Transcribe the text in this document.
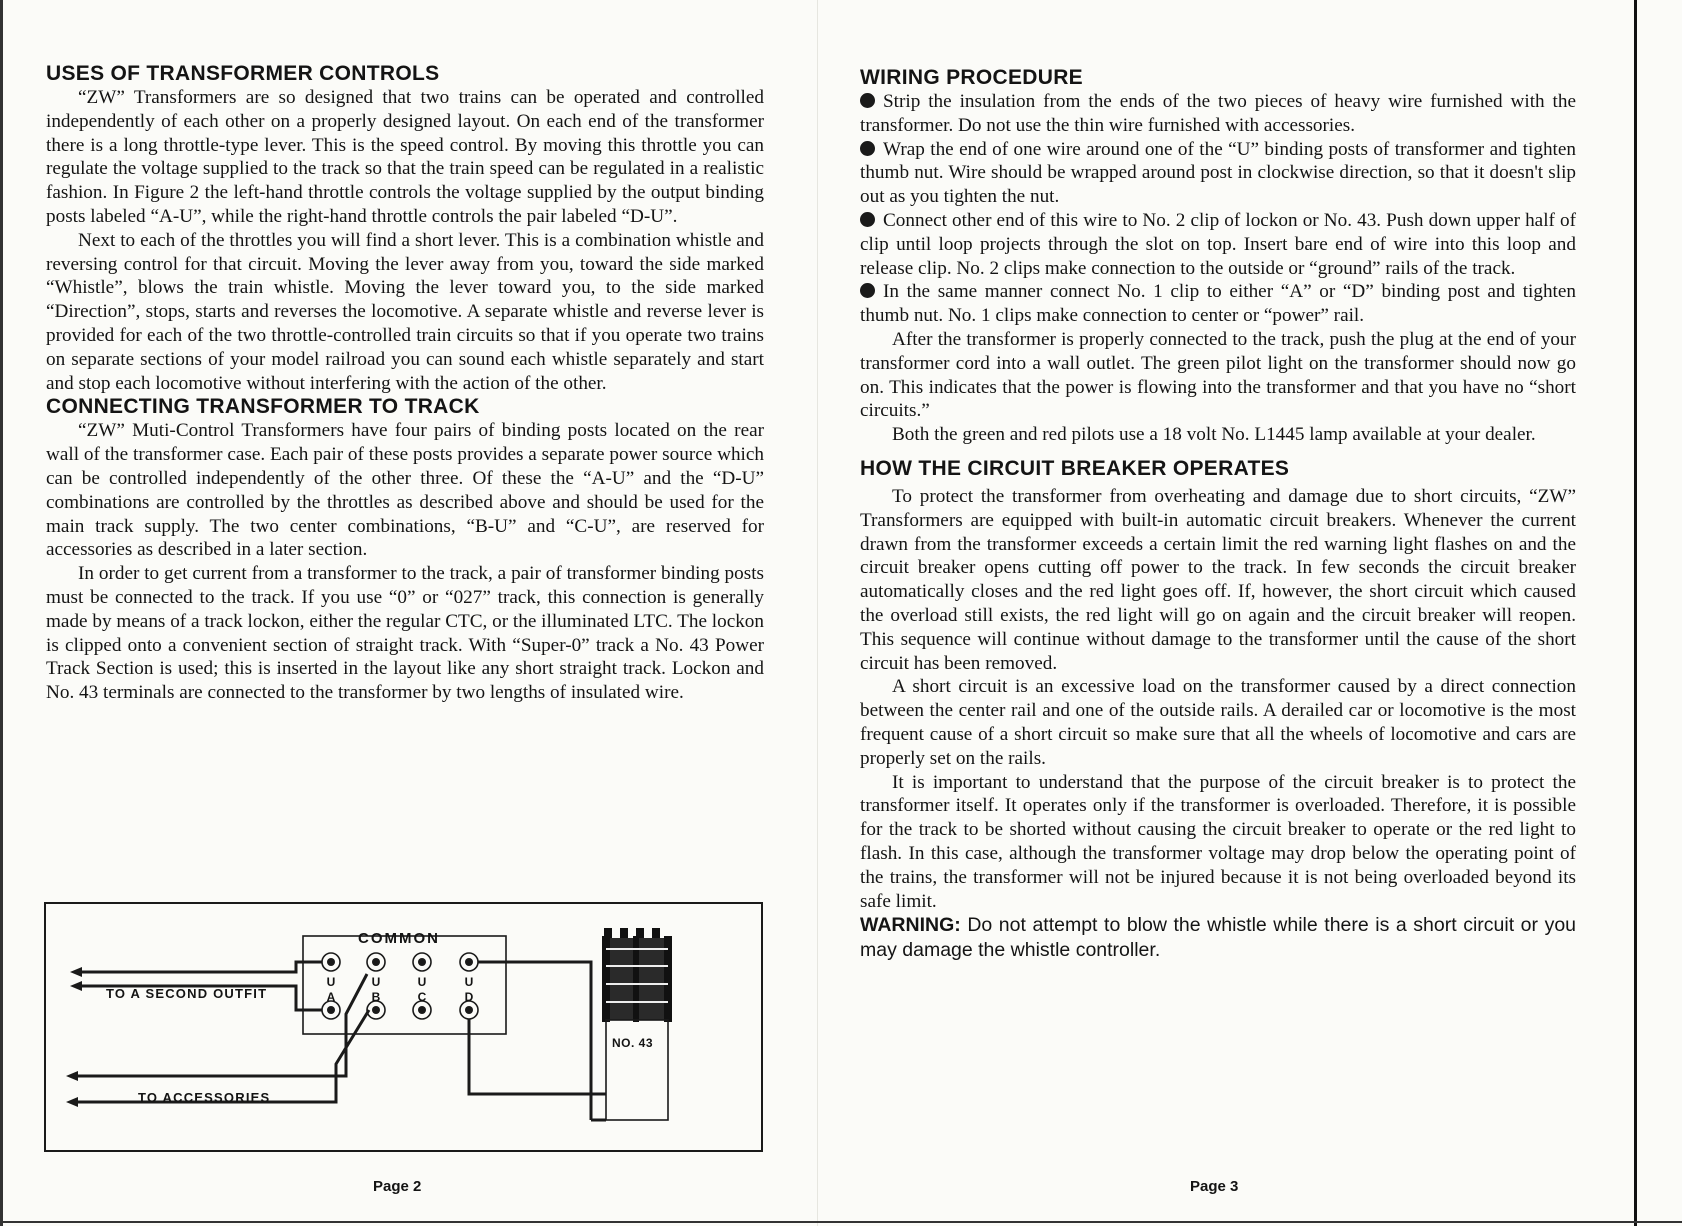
USES OF TRANSFORMER CONTROLS

“ZW” Transformers are so designed that two trains can be operated and controlled independently of each other on a properly designed layout. On each end of the transformer there is a long throttle-type lever. This is the speed control. By moving this throttle you can regulate the voltage supplied to the track so that the train speed can be regulated in a realistic fashion. In Figure 2 the left-hand throttle controls the voltage supplied by the output binding posts labeled “A-U”, while the right-hand throttle controls the pair labeled “D-U”.

Next to each of the throttles you will find a short lever. This is a combination whistle and reversing control for that circuit. Moving the lever away from you, toward the side marked “Whistle”, blows the train whistle. Moving the lever toward you, to the side marked “Direction”, stops, starts and reverses the locomotive. A separate whistle and reverse lever is provided for each of the two throttle-controlled train circuits so that if you operate two trains on separate sections of your model railroad you can sound each whistle separately and start and stop each locomotive without interfering with the action of the other.

CONNECTING TRANSFORMER TO TRACK

“ZW” Muti-Control Transformers have four pairs of binding posts located on the rear wall of the transformer case. Each pair of these posts provides a separate power source which can be controlled independently of the other three. Of these the “A-U” and the “D-U” combinations are controlled by the throttles as described above and should be used for the main track supply. The two center combinations, “B-U” and “C-U”, are reserved for accessories as described in a later section.

In order to get current from a transformer to the track, a pair of transformer binding posts must be connected to the track. If you use “0” or “027” track, this connection is generally made by means of a track lockon, either the regular CTC, or the illuminated LTC. The lockon is clipped onto a convenient section of straight track. With “Super-0” track a No. 43 Power Track Section is used; this is inserted in the layout like any short straight track. Lockon and No. 43 terminals are connected to the transformer by two lengths of insulated wire.

COMMON
TO A SECOND OUTFIT
TO ACCESSORIES
NO. 43
U
A
U
B
U
C
U
D
Page 2
WIRING PROCEDURE

Strip the insulation from the ends of the two pieces of heavy wire furnished with the transformer. Do not use the thin wire furnished with accessories.

Wrap the end of one wire around one of the “U” binding posts of transformer and tighten thumb nut. Wire should be wrapped around post in clockwise direction, so that it doesn't slip out as you tighten the nut.

Connect other end of this wire to No. 2 clip of lockon or No. 43. Push down upper half of clip until loop projects through the slot on top. Insert bare end of wire into this loop and release clip. No. 2 clips make connection to the outside or “ground” rails of the track.

In the same manner connect No. 1 clip to either “A” or “D” binding post and tighten thumb nut. No. 1 clips make connection to center or “power” rail.

After the transformer is properly connected to the track, push the plug at the end of your transformer cord into a wall outlet. The green pilot light on the transformer should now go on. This indicates that the power is flowing into the transformer and that you have no “short circuits.”

Both the green and red pilots use a 18 volt No. L1445 lamp available at your dealer.

HOW THE CIRCUIT BREAKER OPERATES

To protect the transformer from overheating and damage due to short circuits, “ZW” Transformers are equipped with built-in automatic circuit breakers. Whenever the current drawn from the transformer exceeds a certain limit the red warning light flashes on and the circuit breaker opens cutting off power to the track. In few seconds the circuit breaker automatically closes and the red light goes off. If, however, the short circuit which caused the overload still exists, the red light will go on again and the circuit breaker will reopen. This sequence will continue without damage to the transformer until the cause of the short circuit has been removed.

A short circuit is an excessive load on the transformer caused by a direct connection between the center rail and one of the outside rails. A derailed car or locomotive is the most frequent cause of a short circuit so make sure that all the wheels of locomotive and cars are properly set on the rails.

It is important to understand that the purpose of the circuit breaker is to protect the transformer itself. It operates only if the transformer is overloaded. Therefore, it is possible for the track to be shorted without causing the circuit breaker to operate or the red light to flash. In this case, although the transformer voltage may drop below the operating point of the trains, the transformer will not be injured because it is not being overloaded beyond its safe limit.

WARNING: Do not attempt to blow the whistle while there is a short circuit or you may damage the whistle controller.

Page 3
